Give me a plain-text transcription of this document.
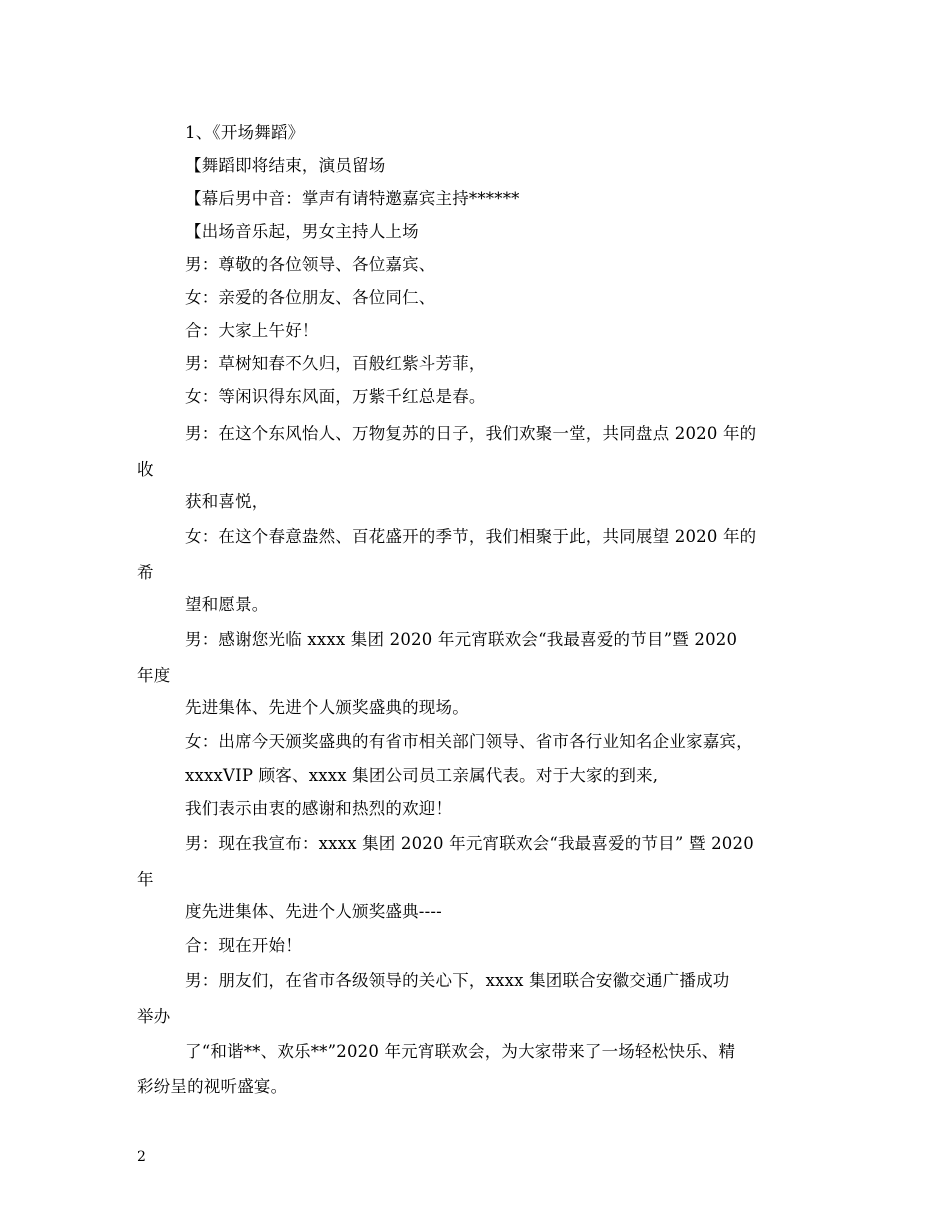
1、《开场舞蹈》
【舞蹈即将结束，演员留场
【幕后男中音：掌声有请特邀嘉宾主持******
【出场音乐起，男女主持人上场
男：尊敬的各位领导、各位嘉宾、
女：亲爱的各位朋友、各位同仁、
合：大家上午好！
男：草树知春不久归，百般红紫斗芳菲，
女：等闲识得东风面，万紫千红总是春。
男：在这个东风怡人、万物复苏的日子，我们欢聚一堂，共同盘点 2020 年的
收
获和喜悦，
女：在这个春意盎然、百花盛开的季节，我们相聚于此，共同展望 2020 年的
希
望和愿景。
男：感谢您光临 xxxx 集团 2020 年元宵联欢会“我最喜爱的节目”暨 2020
年度
先进集体、先进个人颁奖盛典的现场。
女：出席今天颁奖盛典的有省市相关部门领导、省市各行业知名企业家嘉宾，
xxxxVIP 顾客、xxxx 集团公司员工亲属代表。对于大家的到来,
我们表示由衷的感谢和热烈的欢迎！
男：现在我宣布：xxxx 集团 2020 年元宵联欢会“我最喜爱的节目” 暨 2020
年
度先进集体、先进个人颁奖盛典----
合：现在开始！
男：朋友们，在省市各级领导的关心下，xxxx 集团联合安徽交通广播成功
举办
了“和谐**、欢乐**”2020 年元宵联欢会，为大家带来了一场轻松快乐、精
彩纷呈的视听盛宴。
2
